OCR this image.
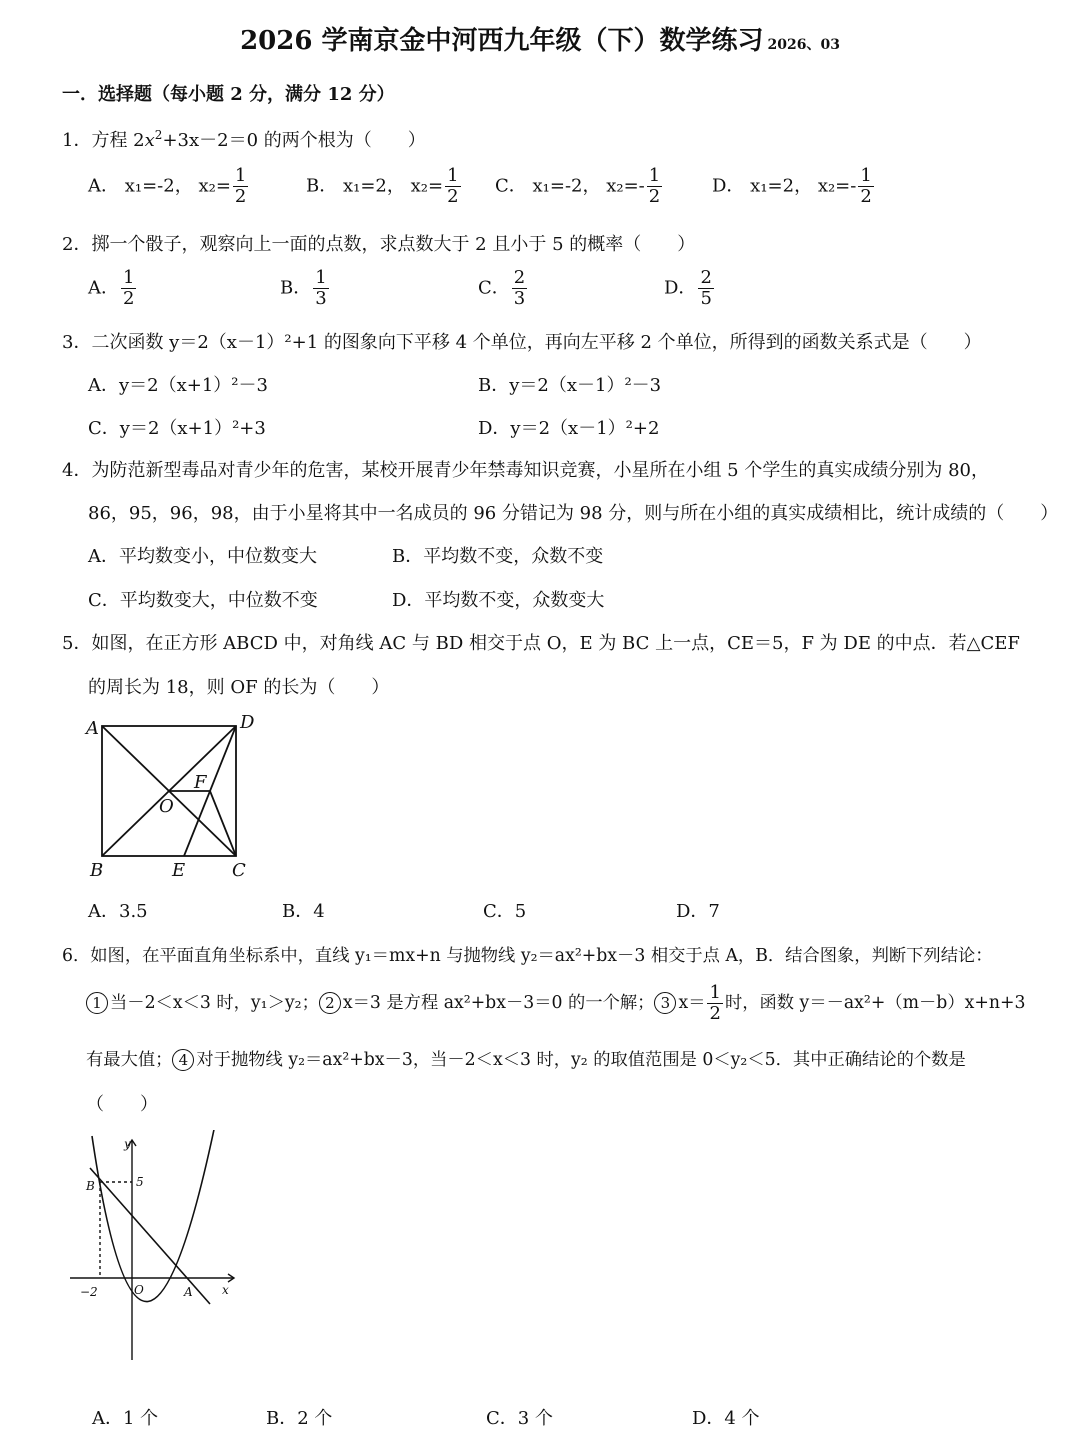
2026 学南京金中河西九年级（下）数学练习 2026、03
一．选择题（每小题 2 分，满分 12 分）
1．方程 $2x^2+3x-2=0$ 的两个根为（　　）
A． x₁=-2， $x_2= \frac{1}{2}$	B． x₁=2， $x_2= \frac{1}{2}$ C． x₁=-2， $x_2=- \frac{1}{2}$	D． x₁=2， $x_2=- \frac{1}{2}$
2．掷一个骰子，观察向上一面的点数，求点数大于 2 且小于 5 的概率（　　）
A． $\frac{1}{2}$	B． $\frac{1}{3}$	C． $\frac{2}{3}$	D． $\frac{2}{5}$
3．二次函数 y＝2（x－1）²+1 的图象向下平移 4 个单位，再向左平移 2 个单位，所得到的函数关系式是（　　）
A．y＝2（x+1）²－3	B．y＝2（x－1）²－3
C．y＝2（x+1）²+3	D．y＝2（x－1）²+2
4．为防范新型毒品对青少年的危害，某校开展青少年禁毒知识竞赛，小星所在小组 5 个学生的真实成绩分别为 80，
86，95，96，98，由于小星将其中一名成员的 96 分错记为 98 分，则与所在小组的真实成绩相比，统计成绩的（　　）
A．平均数变小，中位数变大	B．平均数不变，众数不变
C．平均数变大，中位数不变	D．平均数不变，众数变大
5．如图，在正方形 ABCD 中，对角线 AC 与 BD 相交于点 O，E 为 BC 上一点，CE＝5，F 为 DE 的中点．若△CEF
的周长为 18，则 OF 的长为（　　）
A	D
B	C
E
F
O
A．3.5	B．4	C．5	D．7
6．如图，在平面直角坐标系中，直线 y₁＝mx+n 与抛物线 y₂＝ax²+bx－3 相交于点 A，B．结合图象，判断下列结论：
1 当－2＜x＜3 时，y₁＞y₂； 2 x＝3 是方程 ax²+bx－3＝0 的一个解； 3 $x= \frac{1}{2}$ 时，函数 y＝－ax²+（m－b）x+n+3
有最大值； 4 对于抛物线 y₂＝ax²+bx－3，当－2＜x＜3 时，y₂ 的取值范围是 0＜y₂＜5．其中正确结论的个数是
（　　）
y
x
B	5
−2	O	A
A．1 个	B．2 个	C．3 个	D．4 个
